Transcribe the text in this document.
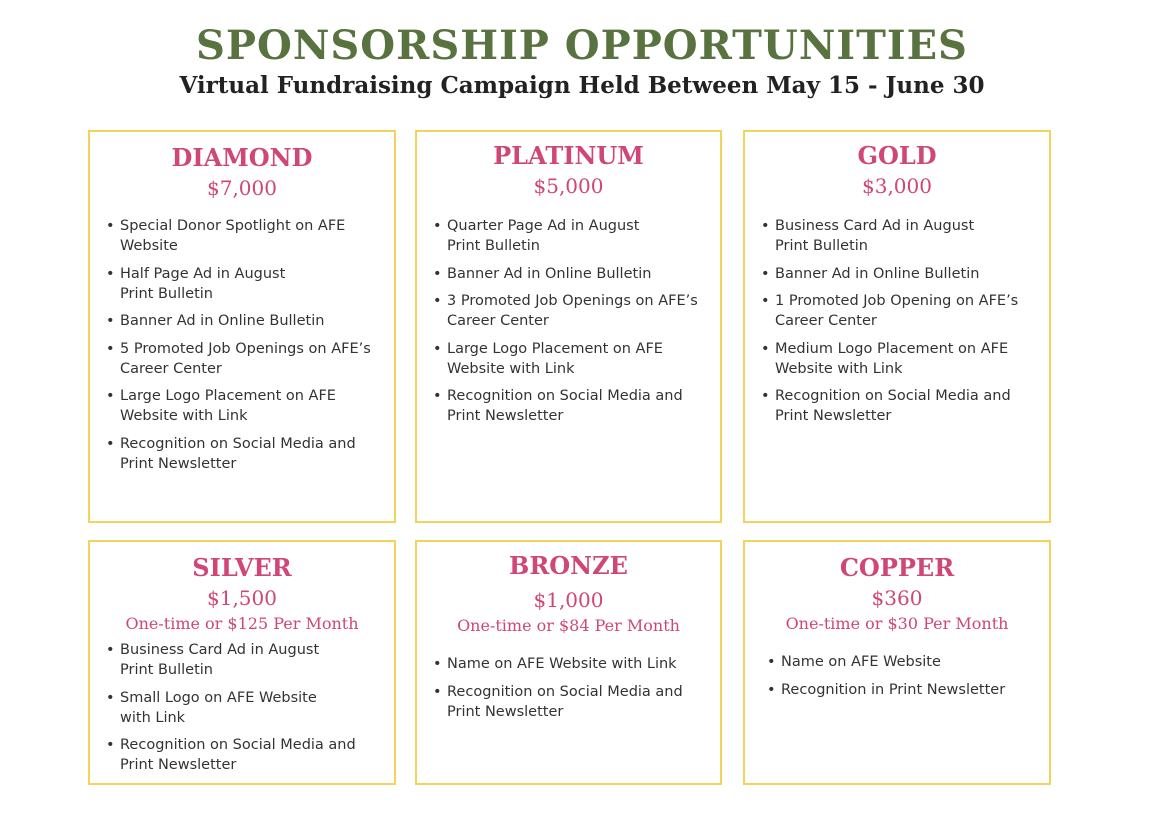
SPONSORSHIP OPPORTUNITIES
Virtual Fundraising Campaign Held Between May 15 - June 30
DIAMOND
$7,000
• Special Donor Spotlight on AFE Website
• Half Page Ad in August
Print Bulletin
• Banner Ad in Online Bulletin
• 5 Promoted Job Openings on AFE’s Career Center
• Large Logo Placement on AFE Website with Link
• Recognition on Social Media and Print Newsletter
PLATINUM
$5,000
• Quarter Page Ad in August
Print Bulletin
• Banner Ad in Online Bulletin
• 3 Promoted Job Openings on AFE’s Career Center
• Large Logo Placement on AFE Website with Link
• Recognition on Social Media and Print Newsletter
GOLD
$3,000
• Business Card Ad in August
Print Bulletin
• Banner Ad in Online Bulletin
• 1 Promoted Job Opening on AFE’s Career Center
• Medium Logo Placement on AFE Website with Link
• Recognition on Social Media and Print Newsletter
SILVER
$1,500
One-time or $125 Per Month
• Business Card Ad in August
Print Bulletin
• Small Logo on AFE Website
with Link
• Recognition on Social Media and Print Newsletter
BRONZE
$1,000
One-time or $84 Per Month
• Name on AFE Website with Link
• Recognition on Social Media and Print Newsletter
COPPER
$360
One-time or $30 Per Month
• Name on AFE Website
• Recognition in Print Newsletter
